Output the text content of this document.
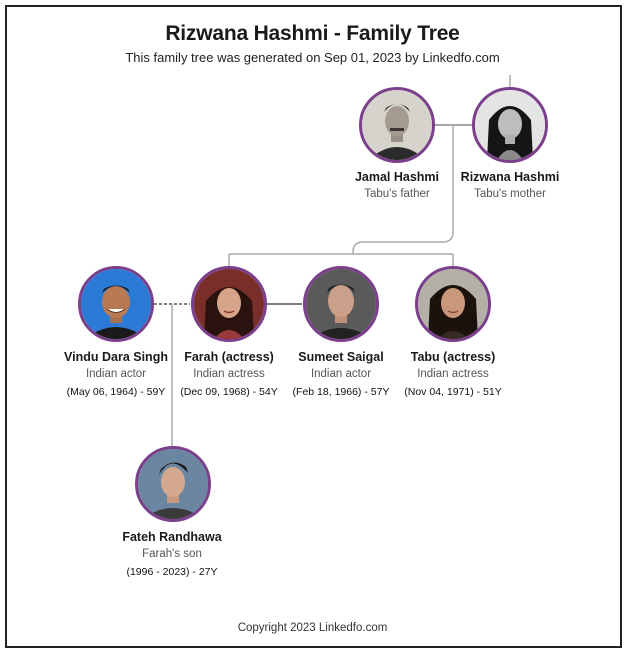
Rizwana Hashmi - Family Tree
This family tree was generated on Sep 01, 2023 by Linkedfo.com
Jamal Hashmi
Tabu's father
Rizwana Hashmi
Tabu's mother
Vindu Dara Singh
Indian actor
(May 06, 1964) - 59Y
Farah (actress)
Indian actress
(Dec 09, 1968) - 54Y
Sumeet Saigal
Indian actor
(Feb 18, 1966) - 57Y
Tabu (actress)
Indian actress
(Nov 04, 1971) - 51Y
Fateh Randhawa
Farah's son
(1996 - 2023) - 27Y
Copyright 2023 Linkedfo.com
